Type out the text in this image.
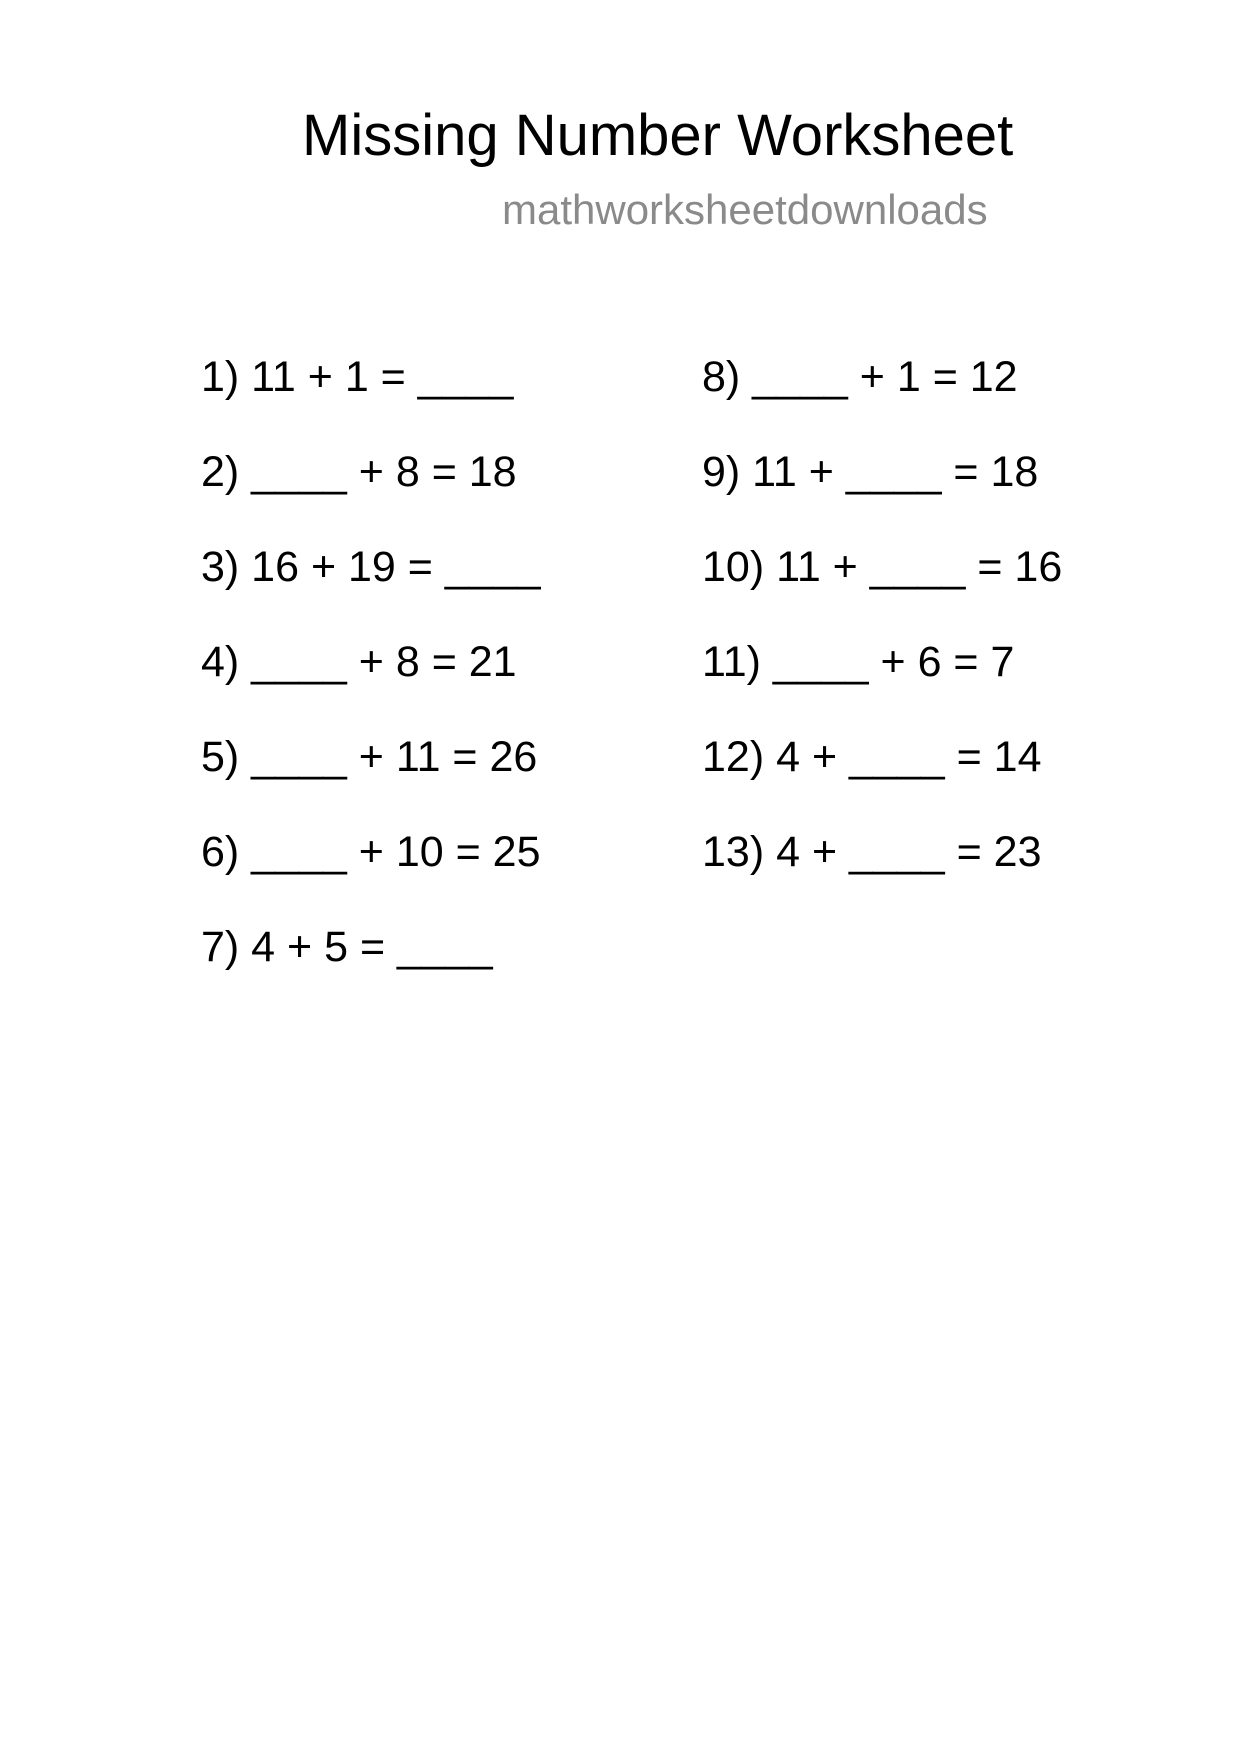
Missing Number Worksheet
mathworksheetdownloads
1) 11 + 1 = ____
2) ____ + 8 = 18
3) 16 + 19 = ____
4) ____ + 8 = 21
5) ____ + 11 = 26
6) ____ + 10 = 25
7) 4 + 5 = ____
8) ____ + 1 = 12
9) 11 + ____ = 18
10) 11 + ____ = 16
11) ____ + 6 = 7
12) 4 + ____ = 14
13) 4 + ____ = 23
